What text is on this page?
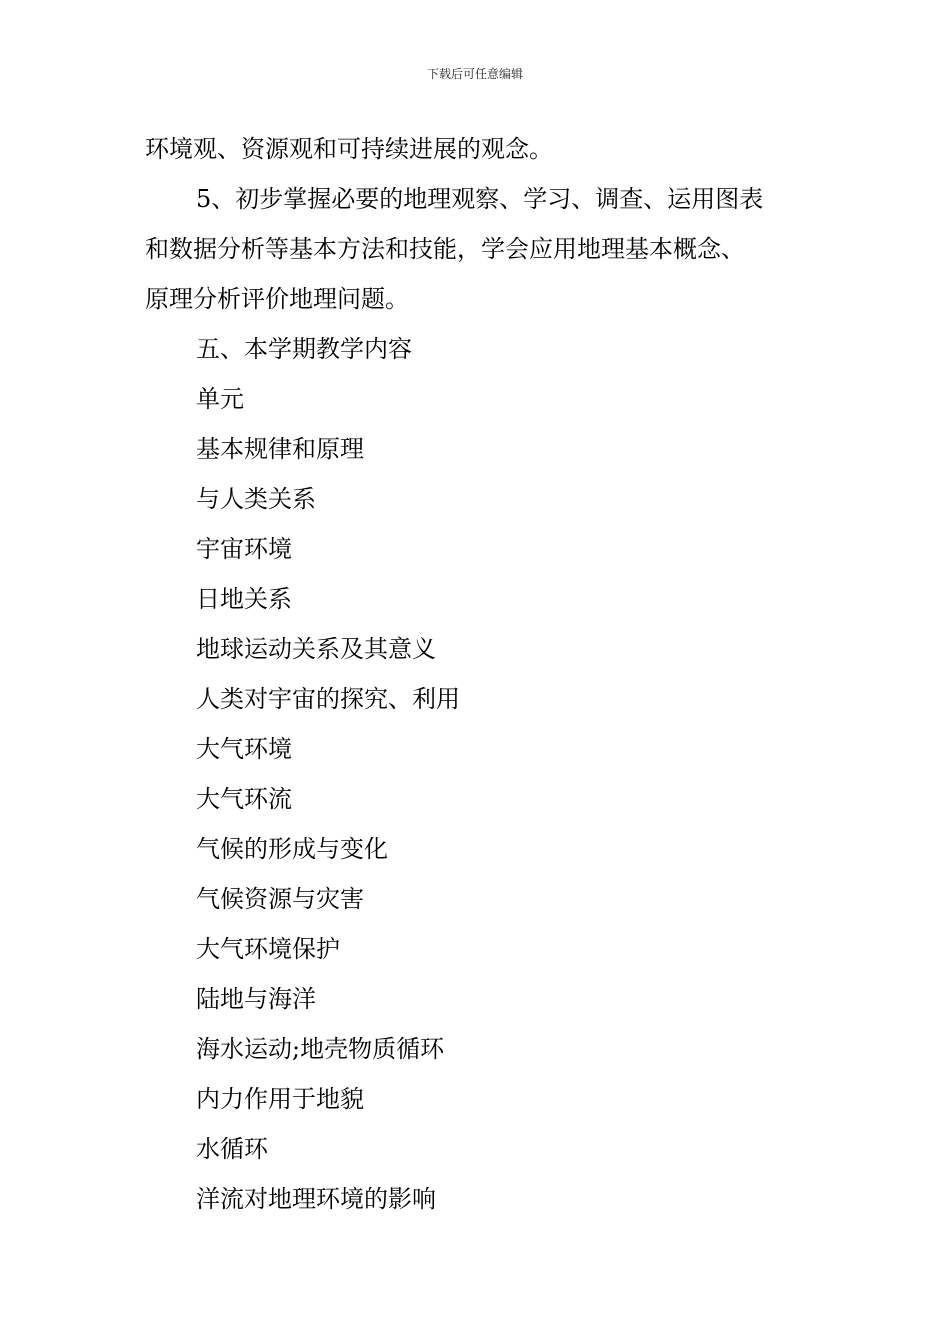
下载后可任意编辑
环境观、资源观和可持续进展的观念。
5、初步掌握必要的地理观察、学习、调查、运用图表
和数据分析等基本方法和技能，学会应用地理基本概念、
原理分析评价地理问题。
五、本学期教学内容
单元
基本规律和原理
与人类关系
宇宙环境
日地关系
地球运动关系及其意义
人类对宇宙的探究、利用
大气环境
大气环流
气候的形成与变化
气候资源与灾害
大气环境保护
陆地与海洋
海水运动;地壳物质循环
内力作用于地貌
水循环
洋流对地理环境的影响
